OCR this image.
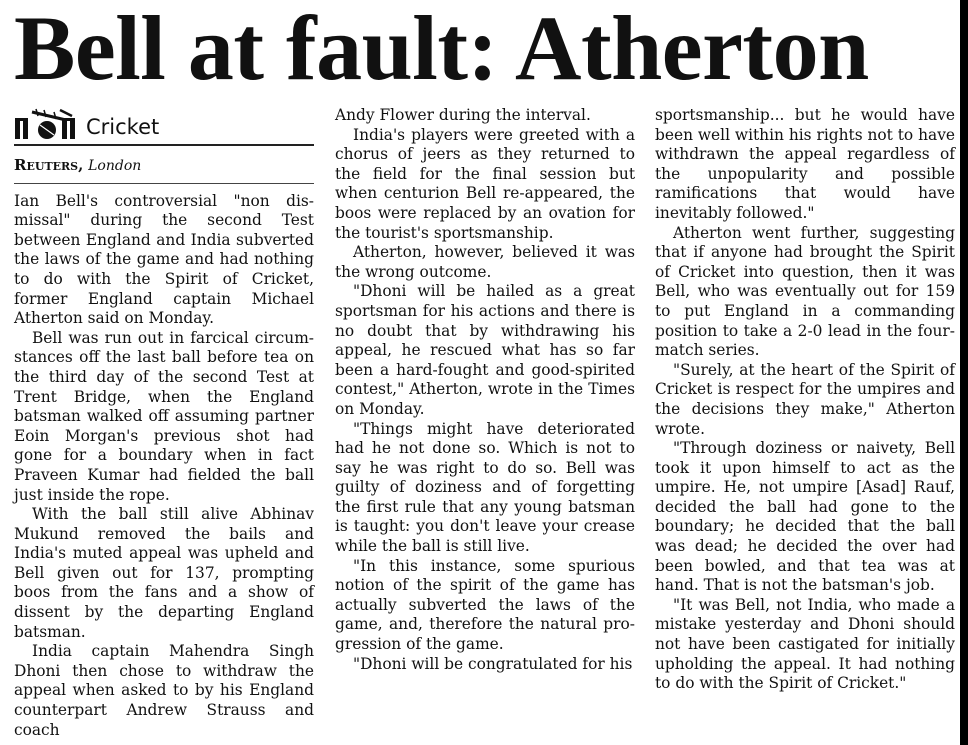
Bell at fault: Atherton
Cricket
Reuters, London

Ian Bell's controversial "non dismissal" during the second Test between England and India subverted the laws of the game and had nothing to do with the Spirit of Cricket, former England captain Michael Atherton said on Monday.

Bell was run out in farcical circumstances off the last ball before tea on the third day of the second Test at Trent Bridge, when the England batsman walked off assuming partner Eoin Morgan's previous shot had gone for a boundary when in fact Praveen Kumar had fielded the ball just inside the rope.

With the ball still alive Abhinav Mukund removed the bails and India's muted appeal was upheld and Bell given out for 137, prompting boos from the fans and a show of dissent by the departing England batsman.

India captain Mahendra Singh Dhoni then chose to withdraw the appeal when asked to by his England counterpart Andrew Strauss and coach

Andy Flower during the interval.

India's players were greeted with a chorus of jeers as they returned to the field for the final session but when centurion Bell re-appeared, the boos were replaced by an ovation for the tourist's sportsmanship.

Atherton, however, believed it was the wrong outcome.

"Dhoni will be hailed as a great sportsman for his actions and there is no doubt that by withdrawing his appeal, he rescued what has so far been a hard-fought and good-spirited contest," Atherton, wrote in the Times on Monday.

"Things might have deteriorated had he not done so. Which is not to say he was right to do so. Bell was guilty of doziness and of forgetting the first rule that any young batsman is taught: you don't leave your crease while the ball is still live.

"In this instance, some spurious notion of the spirit of the game has actually subverted the laws of the game, and, therefore the natural progression of the game.

"Dhoni will be congratulated for his

sportsmanship... but he would have been well within his rights not to have withdrawn the appeal regardless of the unpopularity and possible ramifications that would have inevitably followed."

Atherton went further, suggesting that if anyone had brought the Spirit of Cricket into question, then it was Bell, who was eventually out for 159 to put England in a commanding position to take a 2-0 lead in the four-match series.

"Surely, at the heart of the Spirit of Cricket is respect for the umpires and the decisions they make," Atherton wrote.

"Through doziness or naivety, Bell took it upon himself to act as the umpire. He, not umpire [Asad] Rauf, decided the ball had gone to the boundary; he decided that the ball was dead; he decided the over had been bowled, and that tea was at hand. That is not the batsman's job.

"It was Bell, not India, who made a mistake yesterday and Dhoni should not have been castigated for initially upholding the appeal. It had nothing to do with the Spirit of Cricket."
